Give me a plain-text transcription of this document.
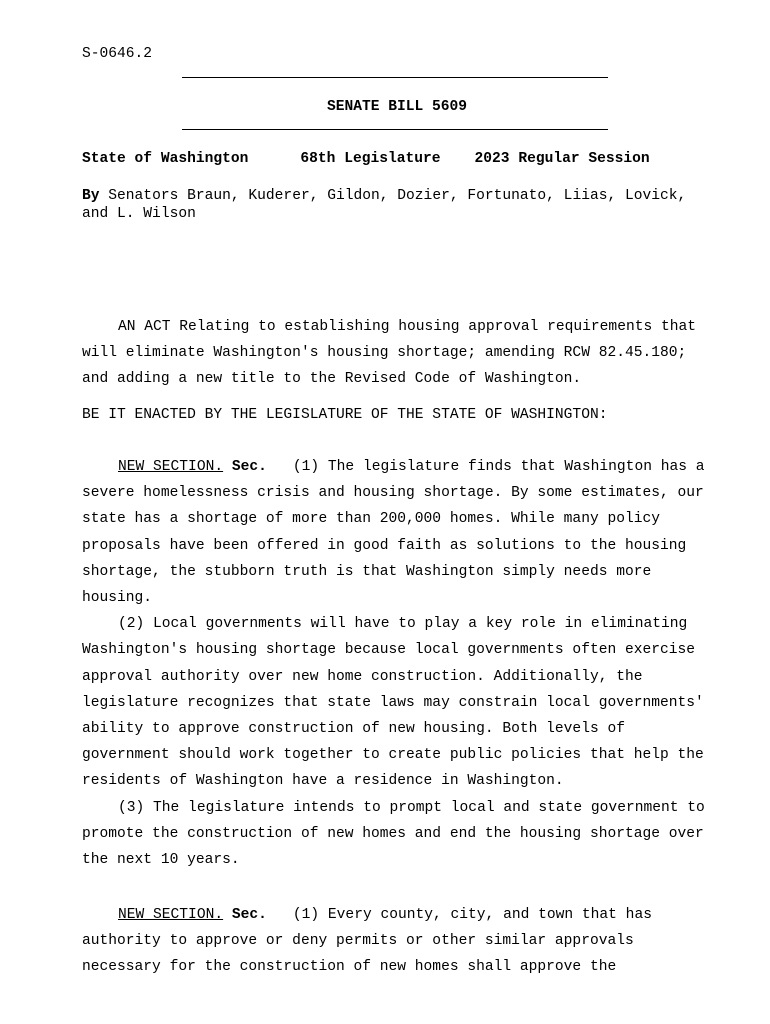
S-0646.2
SENATE BILL 5609
State of Washington	68th Legislature 2023 Regular Session
By Senators Braun, Kuderer, Gildon, Dozier, Fortunato, Liias, Lovick, and L. Wilson

AN ACT Relating to establishing housing approval requirements that will eliminate Washington's housing shortage; amending RCW 82.45.180; and adding a new title to the Revised Code of Washington.

BE IT ENACTED BY THE LEGISLATURE OF THE STATE OF WASHINGTON:

NEW SECTION. Sec. (1) The legislature finds that Washington has a severe homelessness crisis and housing shortage. By some estimates, our state has a shortage of more than 200,000 homes. While many policy proposals have been offered in good faith as solutions to the housing shortage, the stubborn truth is that Washington simply needs more housing.

(2) Local governments will have to play a key role in eliminating Washington's housing shortage because local governments often exercise approval authority over new home construction. Additionally, the legislature recognizes that state laws may constrain local governments' ability to approve construction of new housing. Both levels of government should work together to create public policies that help the residents of Washington have a residence in Washington.

(3) The legislature intends to prompt local and state government to promote the construction of new homes and end the housing shortage over the next 10 years.

NEW SECTION. Sec. (1) Every county, city, and town that has authority to approve or deny permits or other similar approvals necessary for the construction of new homes shall approve the
